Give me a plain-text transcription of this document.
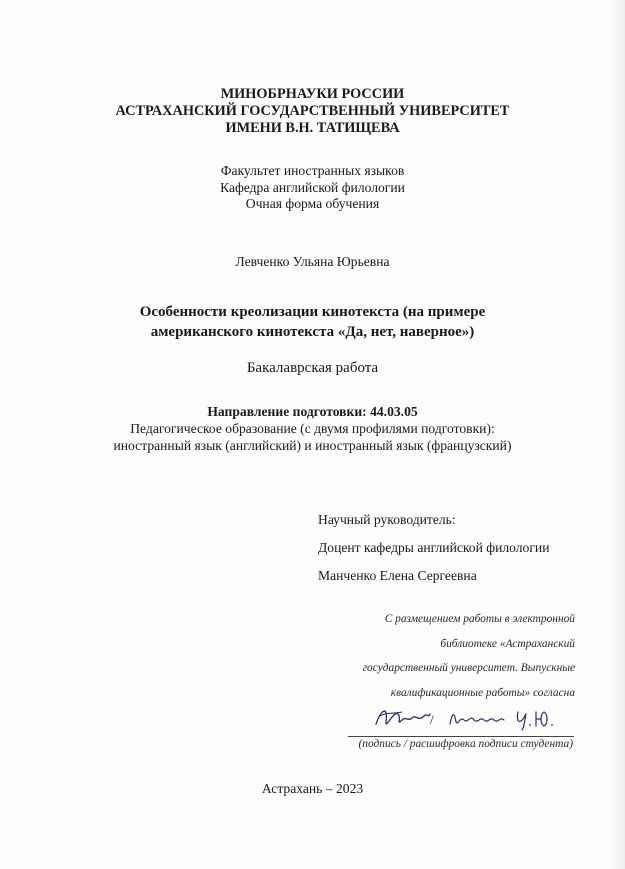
МИНОБРНАУКИ РОССИИ
АСТРАХАНСКИЙ ГОСУДАРСТВЕННЫЙ УНИВЕРСИТЕТ
ИМЕНИ В.Н. ТАТИЩЕВА
Факультет иностранных языков
Кафедра английской филологии
Очная форма обучения
Левченко Ульяна Юрьевна
Особенности креолизации кинотекста (на примере
американского кинотекста «Да, нет, наверное»)
Бакалаврская работа
Направление подготовки: 44.03.05
Педагогическое образование (с двумя профилями подготовки):
иностранный язык (английский) и иностранный язык (французский)
Научный руководитель:
Доцент кафедры английской филологии
Манченко Елена Сергеевна
С размещением работы в электронной
библиотеке «Астраханский
государственный университет. Выпускные
квалификационные работы» согласна
/
(подпись / расшифровка подписи студента)
Астрахань – 2023
